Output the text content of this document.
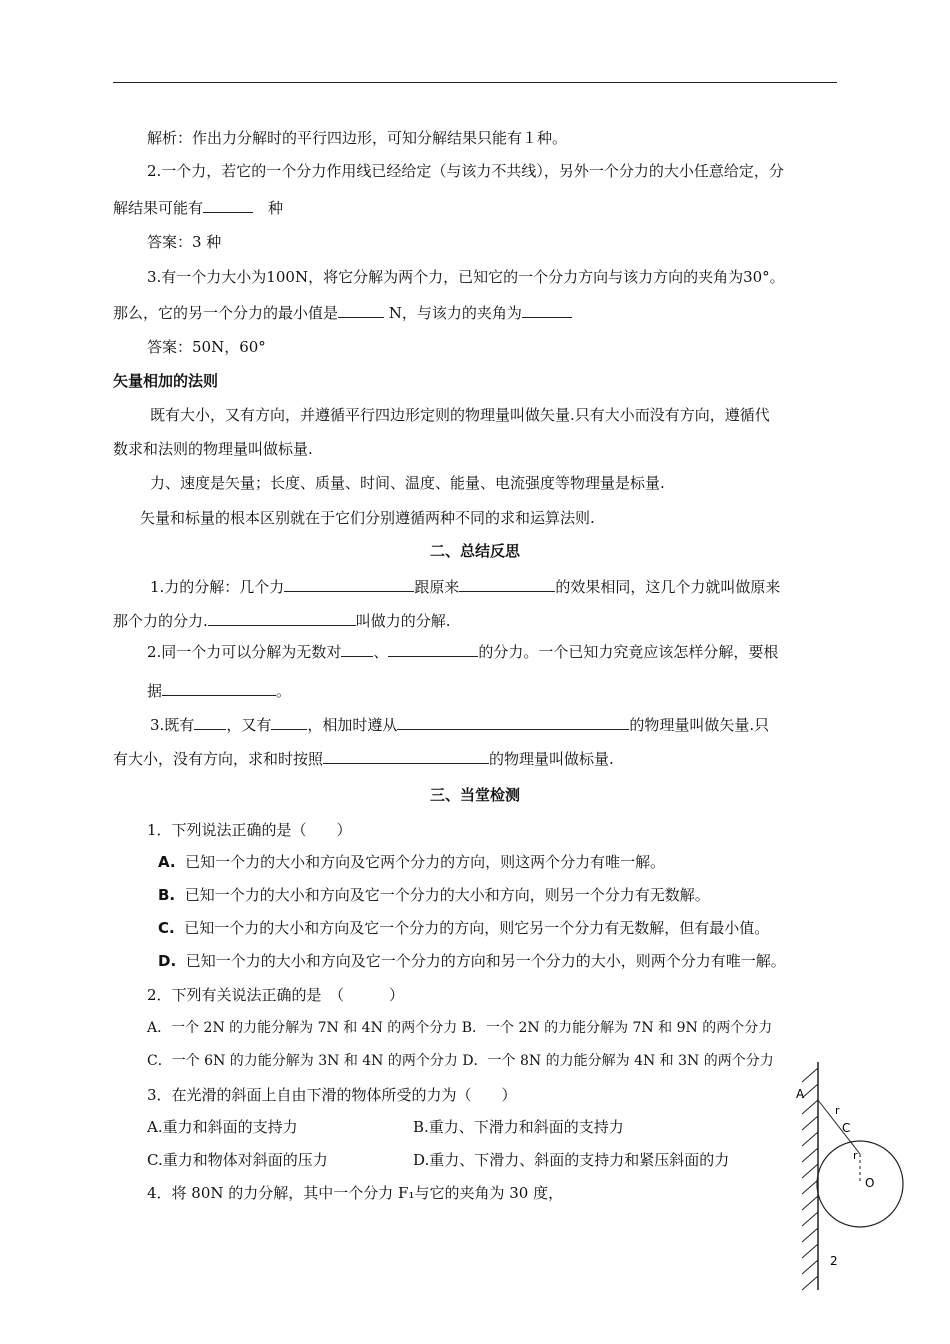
解析：作出力分解时的平行四边形，可知分解结果只能有１种。
2.一个力，若它的一个分力作用线已经给定（与该力不共线），另外一个分力的大小任意给定，分
解结果可能有　	种
答案：3 种
3.有一个力大小为100N，将它分解为两个力，已知它的一个分力方向与该力方向的夹角为30°。
那么，它的另一个分力的最小值是	N，与该力的夹角为
答案：50N，60°
矢量相加的法则
既有大小，又有方向，并遵循平行四边形定则的物理量叫做矢量.只有大小而没有方向，遵循代
数求和法则的物理量叫做标量.
力、速度是矢量；长度、质量、时间、温度、能量、电流强度等物理量是标量.
矢量和标量的根本区别就在于它们分别遵循两种不同的求和运算法则.
二、总结反思
1.力的分解：几个力	跟原来	的效果相同，这几个力就叫做原来
那个力的分力.	叫做力的分解.
2.同一个力可以分解为无数对 、	的分力。一个已知力究竟应该怎样分解，要根
据	。
3.既有 ，又有 ，相加时遵从	的物理量叫做矢量.只
有大小，没有方向，求和时按照	的物理量叫做标量.
三、当堂检测
1．下列说法正确的是（　　）
A. 已知一个力的大小和方向及它两个分力的方向，则这两个分力有唯一解。
B. 已知一个力的大小和方向及它一个分力的大小和方向，则另一个分力有无数解。
C. 已知一个力的大小和方向及它一个分力的方向，则它另一个分力有无数解，但有最小值。
D. 已知一个力的大小和方向及它一个分力的方向和另一个分力的大小，则两个分力有唯一解。
2．下列有关说法正确的是　（　　　）
A．一个 2N 的力能分解为 7N 和 4N 的两个分力 B．一个 2N 的力能分解为 7N 和 9N 的两个分力
C．一个 6N 的力能分解为 3N 和 4N 的两个分力 D．一个 8N 的力能分解为 4N 和 3N 的两个分力
3．在光滑的斜面上自由下滑的物体所受的力为（　　）
A.重力和斜面的支持力	B.重力、下滑力和斜面的支持力
C.重力和物体对斜面的压力	D.重力、下滑力、斜面的支持力和紧压斜面的力
4．将 80N 的力分解，其中一个分力 F₁与它的夹角为 30 度，
A
r
C
r
O
2
